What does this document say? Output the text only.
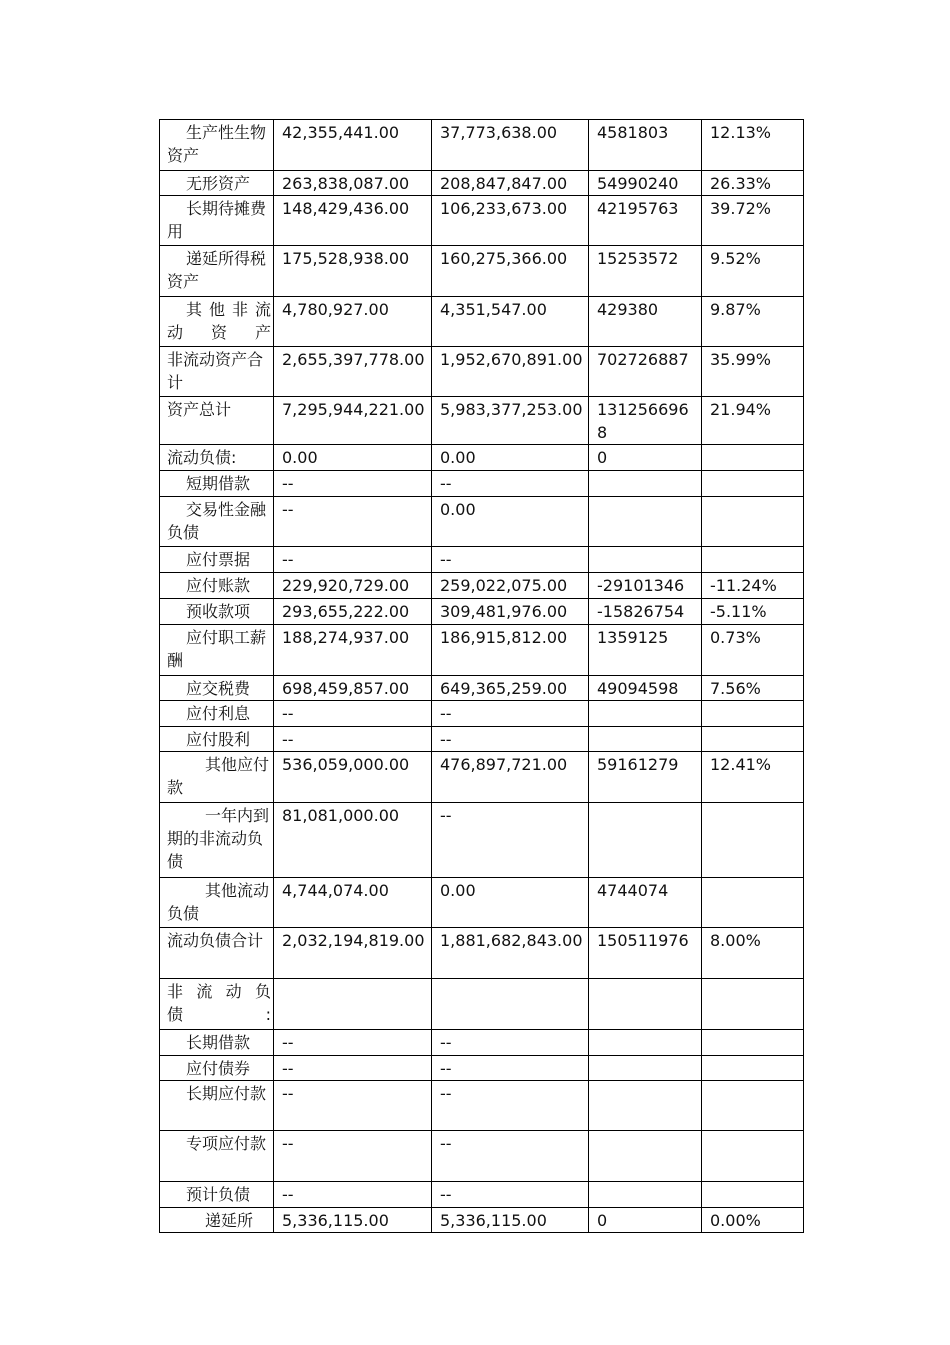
生产性生物资产	42,355,441.00	37,773,638.00	4581803	12.13%
无形资产	263,838,087.00	208,847,847.00	54990240	26.33%
长期待摊费用	148,429,436.00	106,233,673.00	42195763	39.72%
递延所得税资产	175,528,938.00	160,275,366.00	15253572	9.52%
其 他 非 流动资产	4,780,927.00	4,351,547.00	429380	9.87%
非流动资产合计	2,655,397,778.00	1,952,670,891.00	702726887	35.99%
资产总计	7,295,944,221.00	5,983,377,253.00	1312566968	21.94%
流动负债:	0.00	0.00	0	
短期借款	--	--		
交易性金融负债	--	0.00		
应付票据	--	--		
应付账款	229,920,729.00	259,022,075.00	-29101346	-11.24%
预收款项	293,655,222.00	309,481,976.00	-15826754	-5.11%
应付职工薪酬	188,274,937.00	186,915,812.00	1359125	0.73%
应交税费	698,459,857.00	649,365,259.00	49094598	7.56%
应付利息	--	--		
应付股利	--	--		
其他应付款	536,059,000.00	476,897,721.00	59161279	12.41%
一年内到期的非流动负债	81,081,000.00	--		
其他流动负债	4,744,074.00	0.00	4744074	
流动负债合计	2,032,194,819.00	1,881,682,843.00	150511976	8.00%
非 流 动 负 债:				
长期借款	--	--		
应付债券	--	--		
长期应付款	--	--		
专项应付款	--	--		
预计负债	--	--		
递延所	5,336,115.00	5,336,115.00	0	0.00%
